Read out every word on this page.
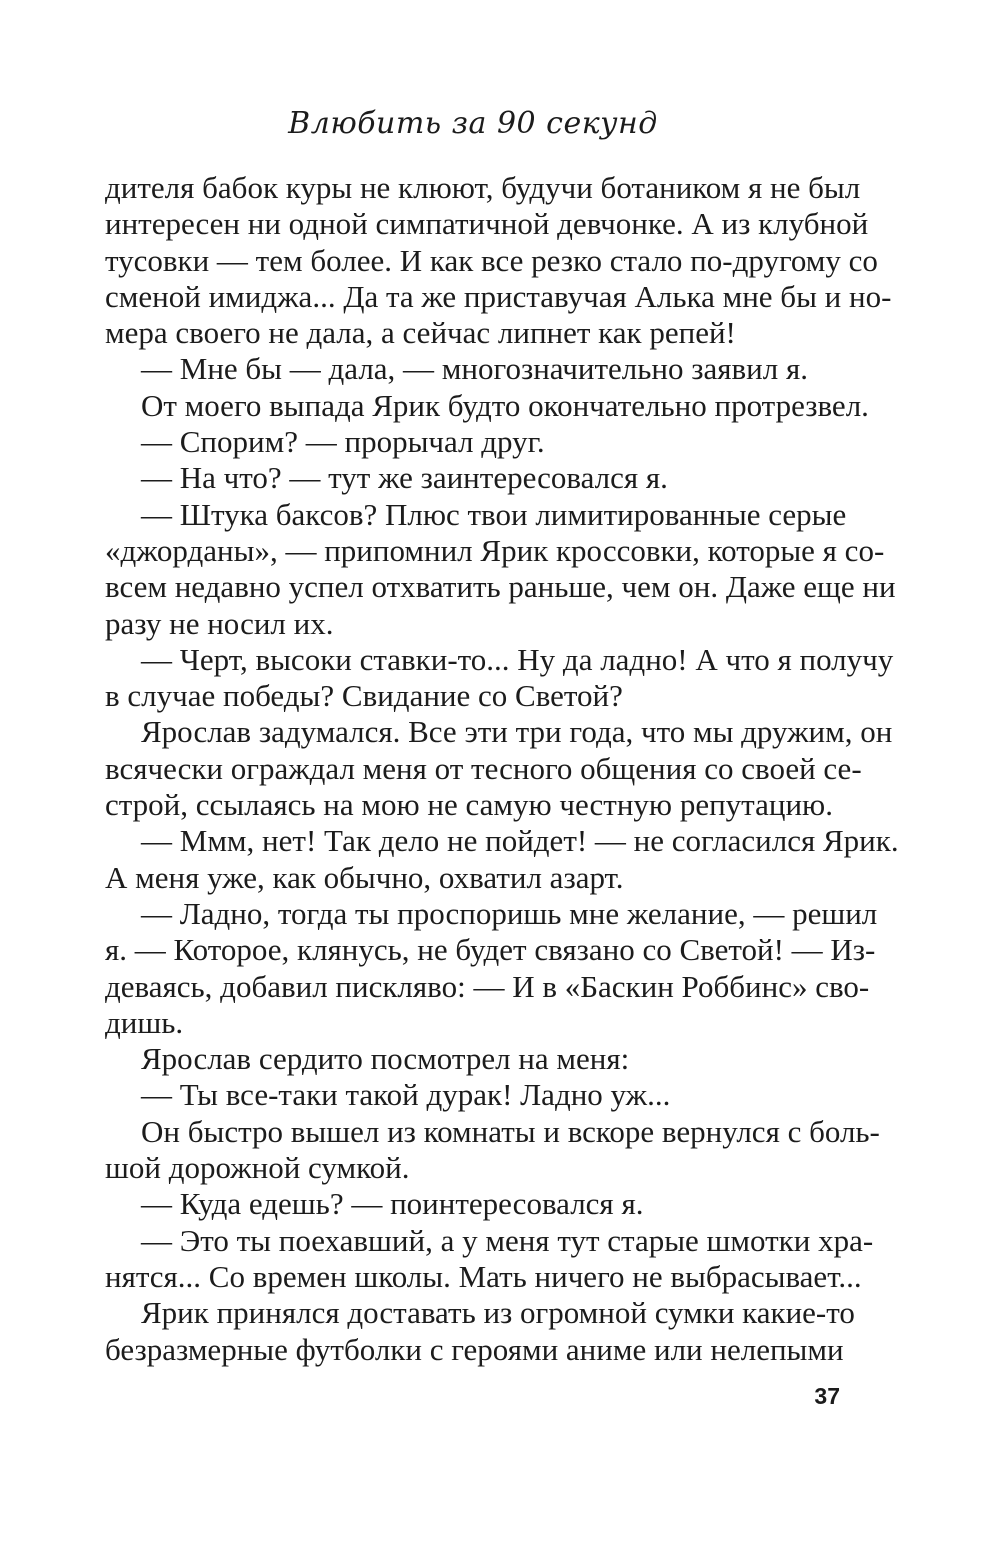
Влюбить за 90 секунд
дителя бабок куры не клюют, будучи ботаником я не был
интересен ни одной симпатичной девчонке. А из клубной
тусовки — тем более. И как все резко стало по-другому со
сменой имиджа... Да та же приставучая Алька мне бы и но-
мера своего не дала, а сейчас липнет как репей!
— Мне бы — дала, — многозначительно заявил я.
От моего выпада Ярик будто окончательно протрезвел.
— Спорим? — прорычал друг.
— На что? — тут же заинтересовался я.
— Штука баксов? Плюс твои лимитированные серые
«джорданы», — припомнил Ярик кроссовки, которые я со-
всем недавно успел отхватить раньше, чем он. Даже еще ни
разу не носил их.
— Черт, высоки ставки-то... Ну да ладно! А что я получу
в случае победы? Свидание со Светой?
Ярослав задумался. Все эти три года, что мы дружим, он
всячески ограждал меня от тесного общения со своей се-
строй, ссылаясь на мою не самую честную репутацию.
— Ммм, нет! Так дело не пойдет! — не согласился Ярик.
А меня уже, как обычно, охватил азарт.
— Ладно, тогда ты проспоришь мне желание, — решил
я. — Которое, клянусь, не будет связано со Светой! — Из-
деваясь, добавил пискляво: — И в «Баскин Роббинс» сво-
дишь.
Ярослав сердито посмотрел на меня:
— Ты все-таки такой дурак! Ладно уж...
Он быстро вышел из комнаты и вскоре вернулся с боль-
шой дорожной сумкой.
— Куда едешь? — поинтересовался я.
— Это ты поехавший, а у меня тут старые шмотки хра-
нятся... Со времен школы. Мать ничего не выбрасывает...
Ярик принялся доставать из огромной сумки какие-то
безразмерные футболки с героями аниме или нелепыми
37
